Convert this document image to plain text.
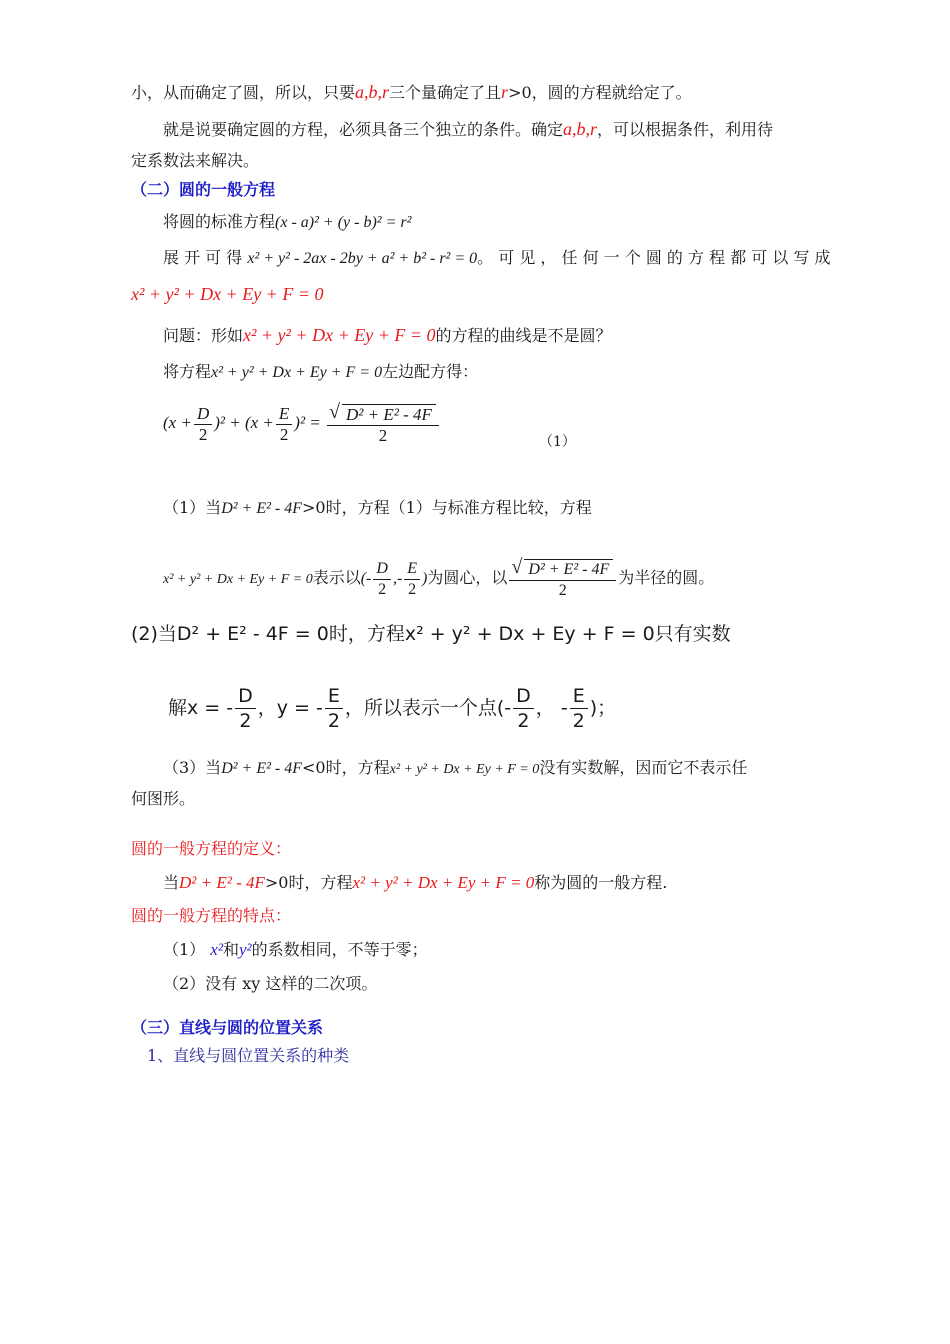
小，从而确定了圆，所以，只要a,b,r三个量确定了且r>0，圆的方程就给定了。
就是说要确定圆的方程，必须具备三个独立的条件。确定a,b,r，可以根据条件，利用待
定系数法来解决。
（二）圆的一般方程
将圆的标准方程(x - a)² + (y - b)² = r²
展 开 可 得 x² + y² - 2ax - 2by + a² + b² - r² = 0。 可 见 ， 任 何 一 个 圆 的 方 程 都 可 以 写 成
x² + y² + Dx + Ey + F = 0
问题：形如x² + y² + Dx + Ey + F = 0的方程的曲线是不是圆？
将方程x² + y² + Dx + Ey + F = 0左边配方得：
$(x + \frac{D}{2} )^2 + (x + \frac{E}{2} )^2$ = √ $\frac{\text{D² + E² - 4F}}{2}$	（1）
（1）当D² + E² - 4F>0时，方程（1）与标准方程比较，方程
x² + y² + Dx + Ey + F = 0表示以(- $\frac{D}{2}$ ,- $\frac{E}{2}$ )为圆心，以 √ $\frac{\text{D² + E² - 4F}}{2}$ 为半径的圆。
(2)当D² + E² - 4F = 0时，方程x² + y² + Dx + Ey + F = 0只有实数
解x = - $\frac{D}{2}$ ，y = - $\frac{E}{2}$ ，所以表示一个点(- $\frac{D}{2}$ ， - $\frac{E}{2}$ )；
（3）当D² + E² - 4F<0时，方程x² + y² + Dx + Ey + F = 0没有实数解，因而它不表示任
何图形。
圆的一般方程的定义：
当D² + E² - 4F>0时，方程x² + y² + Dx + Ey + F = 0称为圆的一般方程.
圆的一般方程的特点：
（1） x²和y²的系数相同，不等于零；
（2）没有 xy 这样的二次项。
（三）直线与圆的位置关系
1、直线与圆位置关系的种类
